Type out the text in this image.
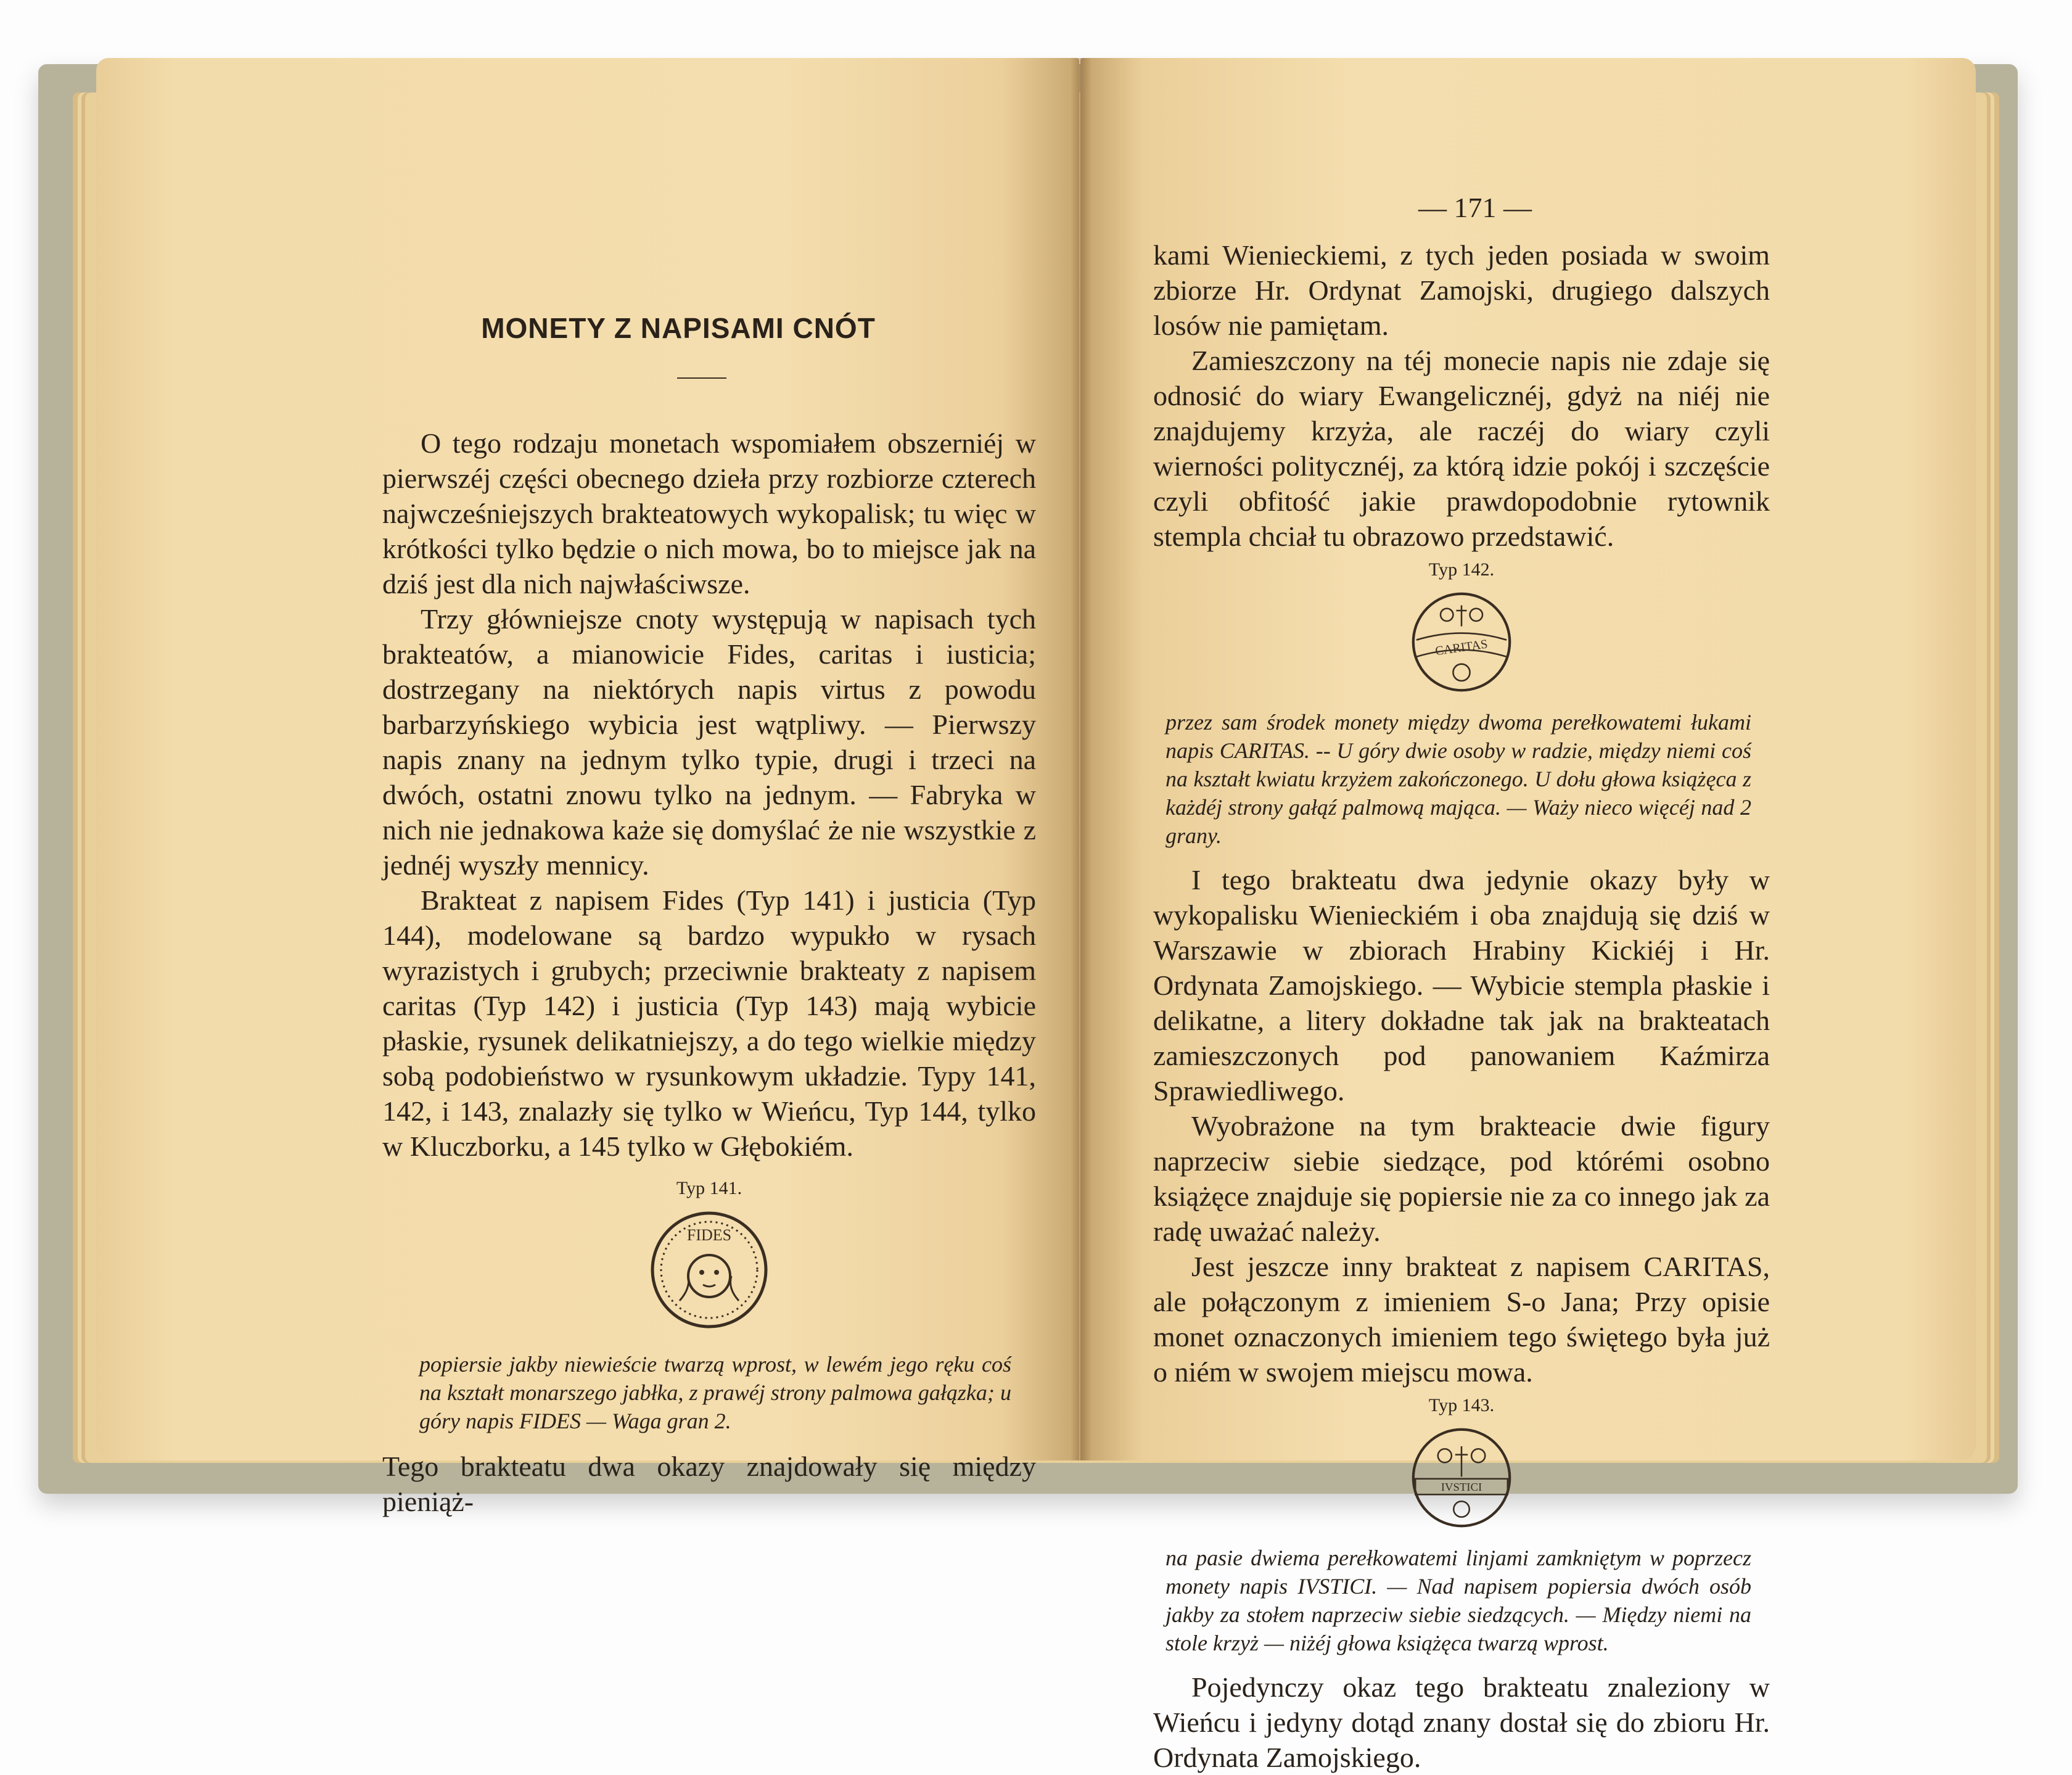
MONETY Z NAPISAMI CNÓT

O tego rodzaju monetach wspomiałem obszerniéj w pierwszéj części obecnego dzieła przy rozbiorze czterech najwcześniejszych brakteatowych wykopalisk; tu więc w krótkości tylko będzie o nich mowa, bo to miejsce jak na dziś jest dla nich najwłaściwsze.

Trzy główniejsze cnoty występują w napisach tych brakteatów, a mianowicie Fides, caritas i iusticia; dostrzegany na niektórych napis virtus z powodu barbarzyńskiego wybicia jest wątpliwy. — Pierwszy napis znany na jednym tylko typie, drugi i trzeci na dwóch, ostatni znowu tylko na jednym. — Fabryka w nich nie jednakowa każe się domyślać że nie wszystkie z jednéj wyszły mennicy.

Brakteat z napisem Fides (Typ 141) i justicia (Typ 144), modelowane są bardzo wypukło w rysach wyrazistych i grubych; przeciwnie brakteaty z napisem caritas (Typ 142) i justicia (Typ 143) mają wybicie płaskie, rysunek delikatniejszy, a do tego wielkie między sobą podobieństwo w rysunkowym układzie. Typy 141, 142, i 143, znalazły się tylko w Wieńcu, Typ 144, tylko w Kluczborku, a 145 tylko w Głębokiém.

Typ 141.
FIDES
popiersie jakby niewieście twarzą wprost, w lewém jego ręku coś na kształt monarszego jabłka, z prawéj strony palmowa gałązka; u góry napis FIDES — Waga gran 2.

Tego brakteatu dwa okazy znajdowały się między pieniąż-

— 171 —

kami Wienieckiemi, z tych jeden posiada w swoim zbiorze Hr. Ordynat Zamojski, drugiego dalszych losów nie pamiętam.

Zamieszczony na téj monecie napis nie zdaje się odnosić do wiary Ewangelicznéj, gdyż na niéj nie znajdujemy krzyża, ale raczéj do wiary czyli wierności politycznéj, za którą idzie pokój i szczęście czyli obfitość jakie prawdopodobnie rytownik stempla chciał tu obrazowo przedstawić.

Typ 142.
CARITAS
przez sam środek monety między dwoma perełkowatemi łukami napis CARITAS. -- U góry dwie osoby w radzie, między niemi coś na kształt kwiatu krzyżem zakończonego. U dołu głowa książęca z każdéj strony gałąź palmową mająca. — Waży nieco więcéj nad 2 grany.

I tego brakteatu dwa jedynie okazy były w wykopalisku Wienieckiém i oba znajdują się dziś w Warszawie w zbiorach Hrabiny Kickiéj i Hr. Ordynata Zamojskiego. — Wybicie stempla płaskie i delikatne, a litery dokładne tak jak na brakteatach zamieszczonych pod panowaniem Kaźmirza Sprawiedliwego.

Wyobrażone na tym brakteacie dwie figury naprzeciw siebie siedzące, pod którémi osobno książęce znajduje się popiersie nie za co innego jak za radę uważać należy.

Jest jeszcze inny brakteat z napisem CARITAS, ale połączonym z imieniem S-o Jana; Przy opisie monet oznaczonych imieniem tego świętego była już o niém w swojem miejscu mowa.

Typ 143.
IVSTICI
na pasie dwiema perełkowatemi linjami zamkniętym w poprzecz monety napis IVSTICI. — Nad napisem popiersia dwóch osób jakby za stołem naprzeciw siebie siedzących. — Między niemi na stole krzyż — niżéj głowa książęca twarzą wprost.

Pojedynczy okaz tego brakteatu znaleziony w Wieńcu i jedyny dotąd znany dostał się do zbioru Hr. Ordynata Zamojskiego.
